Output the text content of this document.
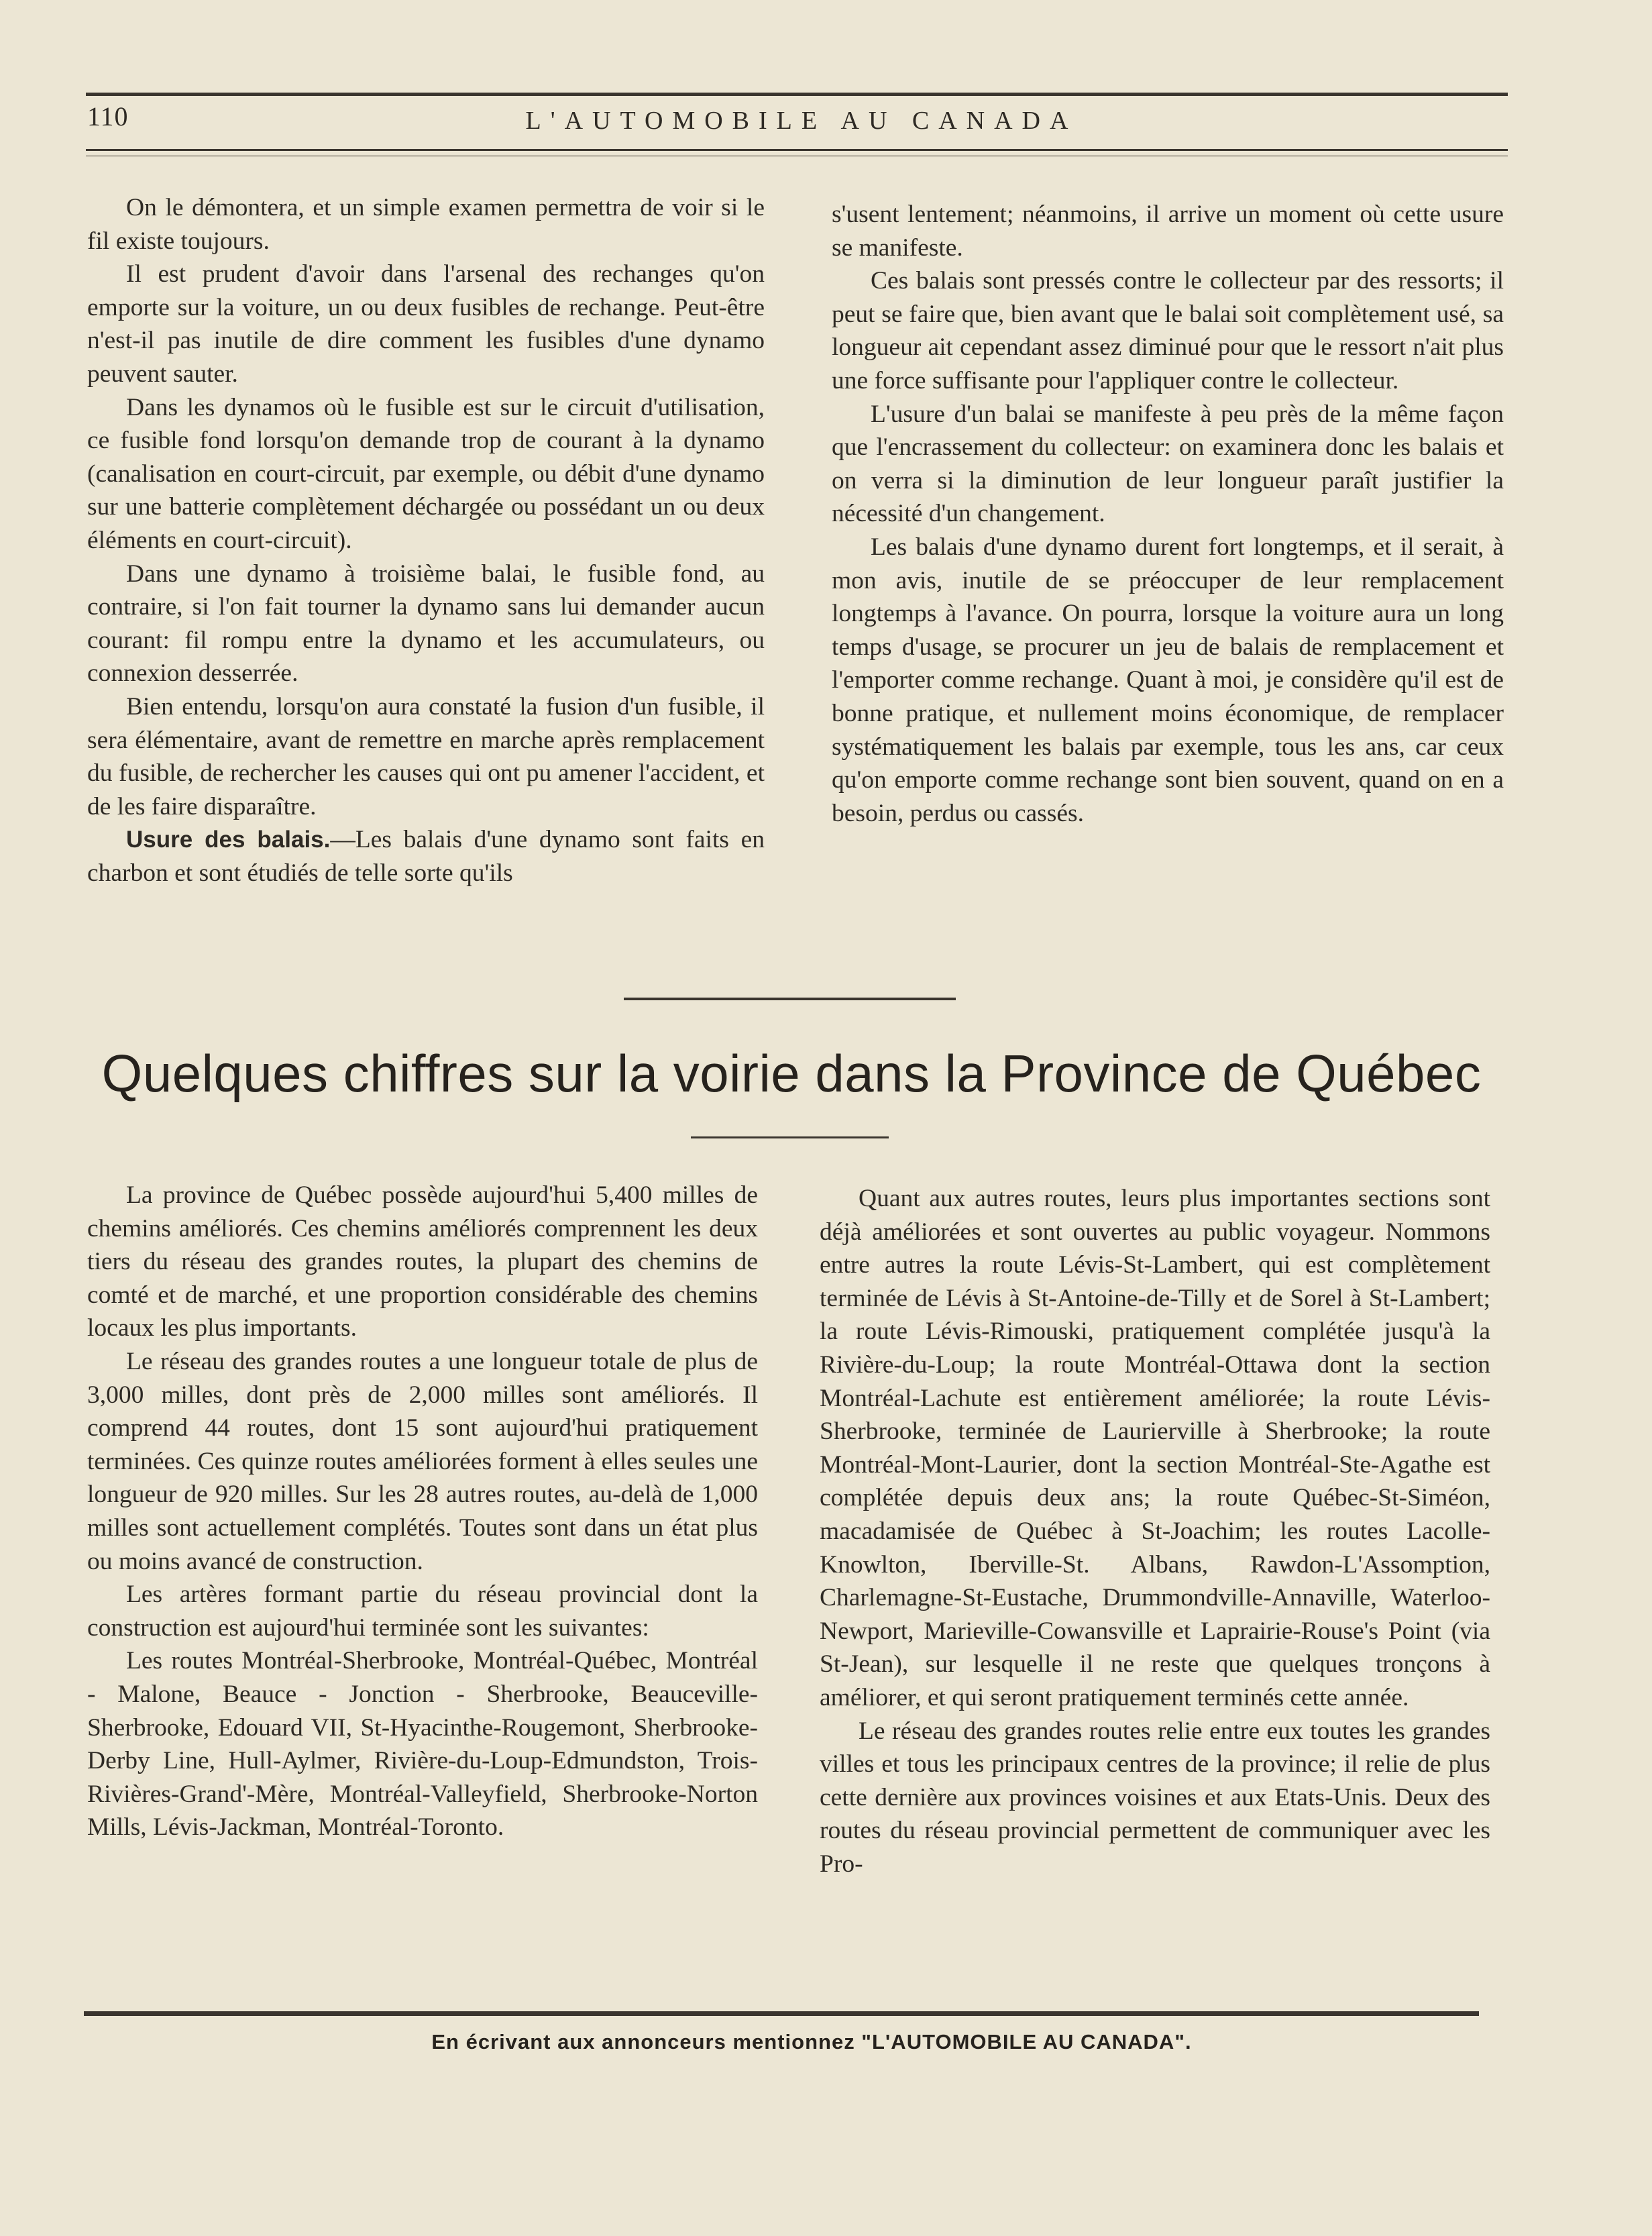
110	L'AUTOMOBILE AU CANADA

On le démontera, et un simple examen permettra de voir si le fil existe toujours.

Il est prudent d'avoir dans l'arsenal des rechanges qu'on emporte sur la voiture, un ou deux fusibles de rechange. Peut-être n'est-il pas inutile de dire comment les fusibles d'une dynamo peuvent sauter.

Dans les dynamos où le fusible est sur le circuit d'utilisation, ce fusible fond lorsqu'on demande trop de courant à la dynamo (canalisation en court-circuit, par exemple, ou débit d'une dynamo sur une batterie complètement déchargée ou possédant un ou deux éléments en court-circuit).

Dans une dynamo à troisième balai, le fusible fond, au contraire, si l'on fait tourner la dynamo sans lui demander aucun courant: fil rompu entre la dynamo et les accumulateurs, ou connexion desserrée.

Bien entendu, lorsqu'on aura constaté la fusion d'un fusible, il sera élémentaire, avant de remettre en marche après remplacement du fusible, de rechercher les causes qui ont pu amener l'accident, et de les faire disparaître.

Usure des balais.—Les balais d'une dynamo sont faits en charbon et sont étudiés de telle sorte qu'ils

s'usent lentement; néanmoins, il arrive un moment où cette usure se manifeste.

Ces balais sont pressés contre le collecteur par des ressorts; il peut se faire que, bien avant que le balai soit complètement usé, sa longueur ait cependant assez diminué pour que le ressort n'ait plus une force suffisante pour l'appliquer contre le collecteur.

L'usure d'un balai se manifeste à peu près de la même façon que l'encrassement du collecteur: on examinera donc les balais et on verra si la diminution de leur longueur paraît justifier la nécessité d'un changement.

Les balais d'une dynamo durent fort longtemps, et il serait, à mon avis, inutile de se préoccuper de leur remplacement longtemps à l'avance. On pourra, lorsque la voiture aura un long temps d'usage, se procurer un jeu de balais de remplacement et l'emporter comme rechange. Quant à moi, je considère qu'il est de bonne pratique, et nullement moins économique, de remplacer systématiquement les balais par exemple, tous les ans, car ceux qu'on emporte comme rechange sont bien souvent, quand on en a besoin, perdus ou cassés.

Quelques chiffres sur la voirie dans la Province de Québec

La province de Québec possède aujourd'hui 5,400 milles de chemins améliorés. Ces chemins améliorés comprennent les deux tiers du réseau des grandes routes, la plupart des chemins de comté et de marché, et une proportion considérable des chemins locaux les plus importants.

Le réseau des grandes routes a une longueur totale de plus de 3,000 milles, dont près de 2,000 milles sont améliorés. Il comprend 44 routes, dont 15 sont aujourd'hui pratiquement terminées. Ces quinze routes améliorées forment à elles seules une longueur de 920 milles. Sur les 28 autres routes, au-delà de 1,000 milles sont actuellement complétés. Toutes sont dans un état plus ou moins avancé de construction.

Les artères formant partie du réseau provincial dont la construction est aujourd'hui terminée sont les suivantes:

Les routes Montréal-Sherbrooke, Montréal-Québec, Montréal - Malone, Beauce - Jonction - Sherbrooke, Beauceville-Sherbrooke, Edouard VII, St-Hyacinthe-Rougemont, Sherbrooke-Derby Line, Hull-Aylmer, Rivière-du-Loup-Edmundston, Trois-Rivières-Grand'-Mère, Montréal-Valleyfield, Sherbrooke-Norton Mills, Lévis-Jackman, Montréal-Toronto.

Quant aux autres routes, leurs plus importantes sections sont déjà améliorées et sont ouvertes au public voyageur. Nommons entre autres la route Lévis-St-Lambert, qui est complètement terminée de Lévis à St-Antoine-de-Tilly et de Sorel à St-Lambert; la route Lévis-Rimouski, pratiquement complétée jusqu'à la Rivière-du-Loup; la route Montréal-Ottawa dont la section Montréal-Lachute est entièrement améliorée; la route Lévis-Sherbrooke, terminée de Laurierville à Sherbrooke; la route Montréal-Mont-Laurier, dont la section Montréal-Ste-Agathe est complétée depuis deux ans; la route Québec-St-Siméon, macadamisée de Québec à St-Joachim; les routes Lacolle-Knowlton, Iberville-St. Albans, Rawdon-L'Assomption, Charlemagne-St-Eustache, Drummondville-Annaville, Waterloo-Newport, Marieville-Cowansville et Laprairie-Rouse's Point (via St-Jean), sur lesquelle il ne reste que quelques tronçons à améliorer, et qui seront pratiquement terminés cette année.

Le réseau des grandes routes relie entre eux toutes les grandes villes et tous les principaux centres de la province; il relie de plus cette dernière aux provinces voisines et aux Etats-Unis. Deux des routes du réseau provincial permettent de communiquer avec les Pro-

En écrivant aux annonceurs mentionnez "L'AUTOMOBILE AU CANADA".
